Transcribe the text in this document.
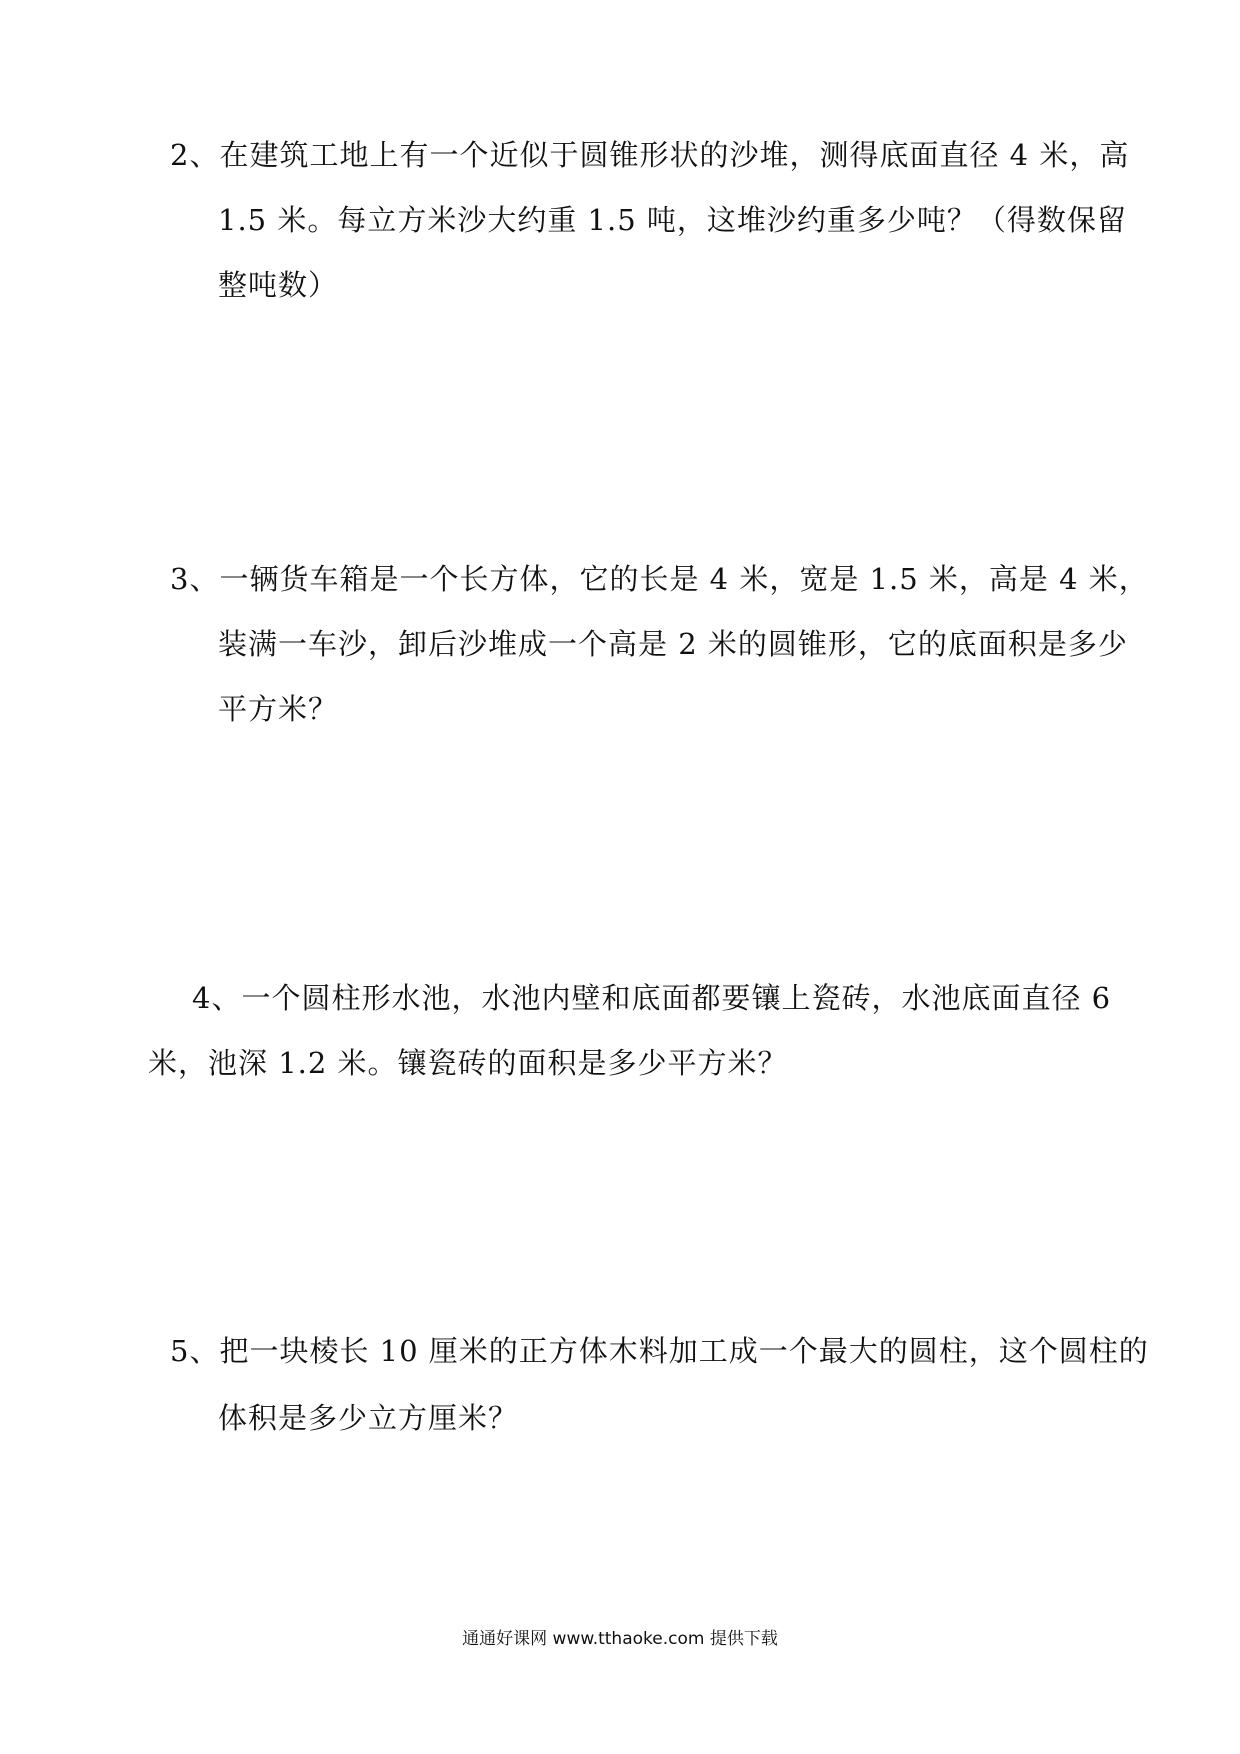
2、在建筑工地上有一个近似于圆锥形状的沙堆，测得底面直径 4 米，高
1.5 米。每立方米沙大约重 1.5 吨，这堆沙约重多少吨？（得数保留
整吨数）
3、一辆货车箱是一个长方体，它的长是 4 米，宽是 1.5 米，高是 4 米，
装满一车沙，卸后沙堆成一个高是 2 米的圆锥形，它的底面积是多少
平方米？
4、一个圆柱形水池，水池内壁和底面都要镶上瓷砖，水池底面直径 6
米，池深 1.2 米。镶瓷砖的面积是多少平方米？
5、把一块棱长 10 厘米的正方体木料加工成一个最大的圆柱，这个圆柱的
体积是多少立方厘米？
通通好课网 www.tthaoke.com 提供下载
